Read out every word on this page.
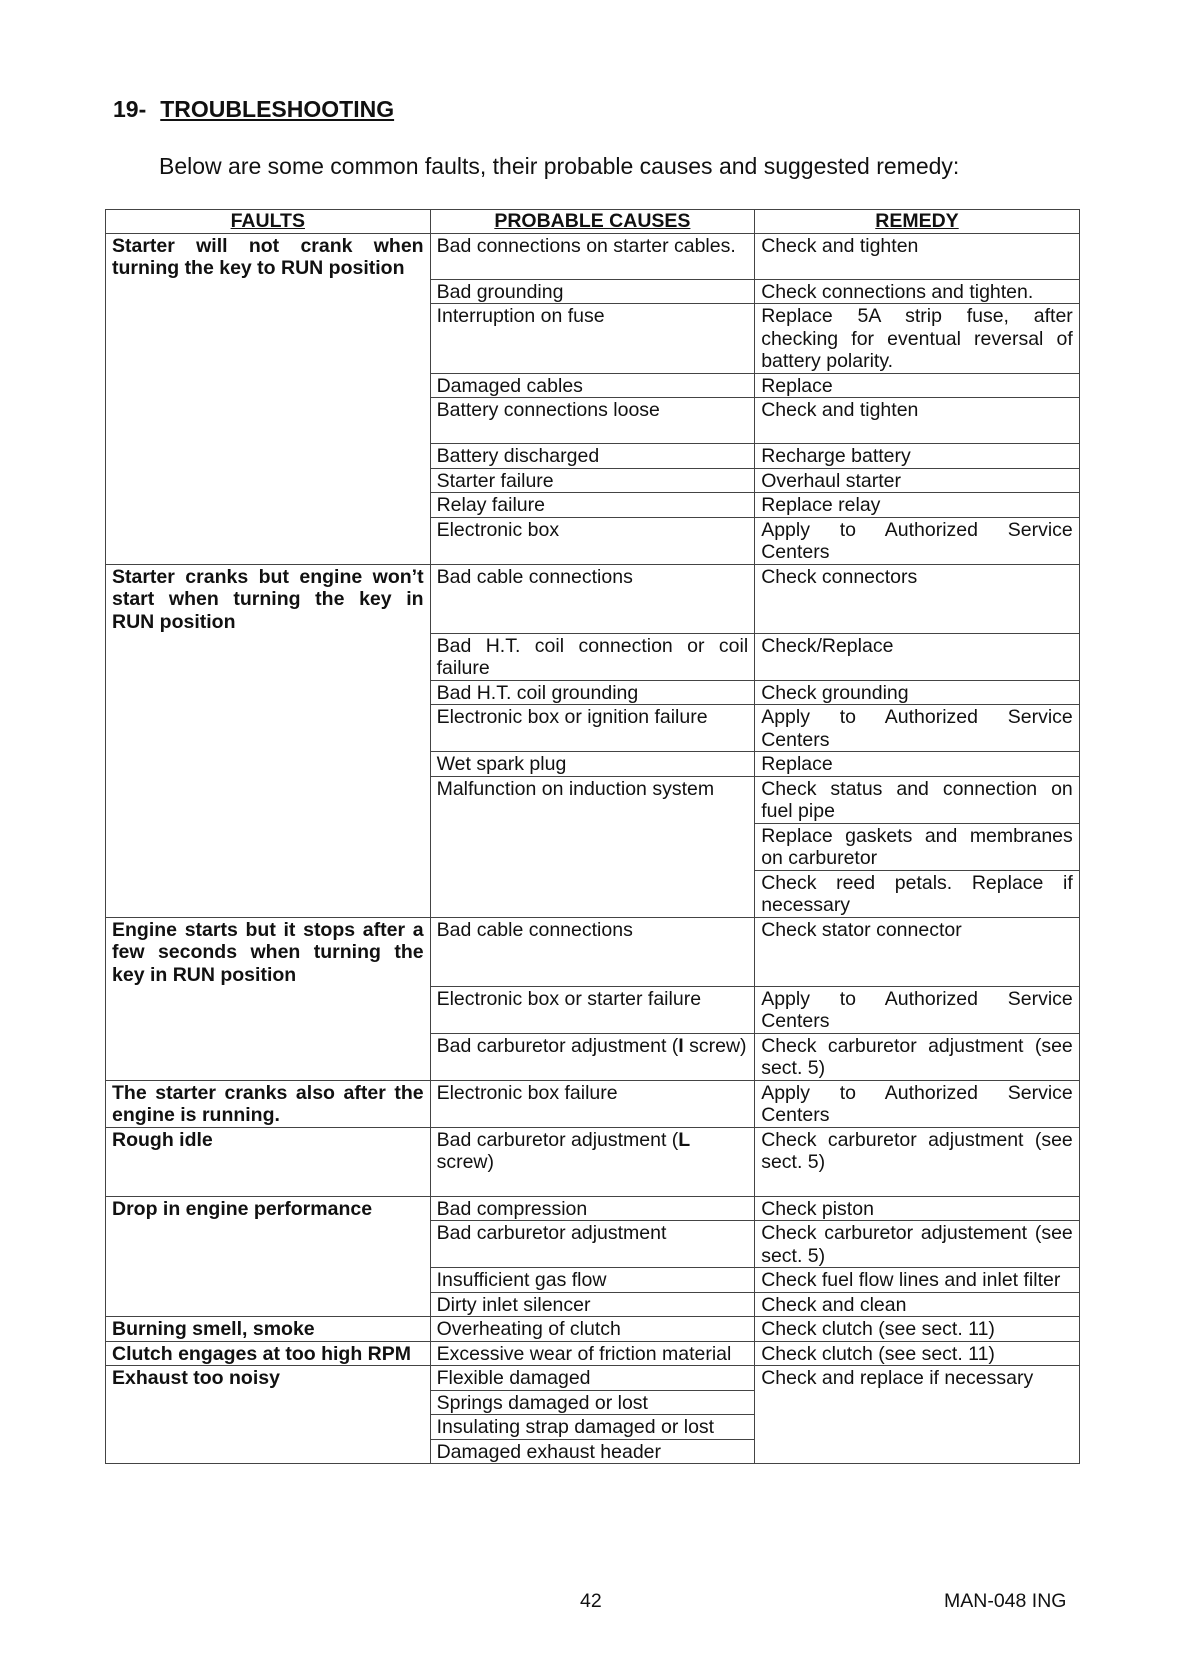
19- TROUBLESHOOTING
Below are some common faults, their probable causes and suggested remedy:
FAULTS	PROBABLE CAUSES	REMEDY
Starter will not crank when turning the key to RUN position	Bad connections on starter cables.	Check and tighten
	Bad grounding	Check connections and tighten.
	Interruption on fuse	Replace 5A strip fuse, after checking for eventual reversal of battery polarity.
	Damaged cables	Replace
	Battery connections loose	Check and tighten
	Battery discharged	Recharge battery
	Starter failure	Overhaul starter
	Relay failure	Replace relay
	Electronic box	Apply to Authorized Service Centers
Starter cranks but engine won’t start when turning the key in RUN position	Bad cable connections	Check connectors
	Bad H.T. coil connection or coil failure	Check/Replace
	Bad H.T. coil grounding	Check grounding
	Electronic box or ignition failure	Apply to Authorized Service Centers
	Wet spark plug	Replace
	Malfunction on induction system	Check status and connection on fuel pipe
		Replace gaskets and membranes on carburetor
		Check reed petals. Replace if necessary
Engine starts but it stops after a few seconds when turning the key in RUN position	Bad cable connections	Check stator connector
	Electronic box or starter failure	Apply to Authorized Service Centers
	Bad carburetor adjustment (I screw)	Check carburetor adjustment (see sect. 5)
The starter cranks also after the engine is running.	Electronic box failure	Apply to Authorized Service Centers
Rough idle	Bad carburetor adjustment (L screw)	Check carburetor adjustment (see sect. 5)
Drop in engine performance	Bad compression	Check piston
	Bad carburetor adjustment	Check carburetor adjustement (see sect. 5)
	Insufficient gas flow	Check fuel flow lines and inlet filter
	Dirty inlet silencer	Check and clean
Burning smell, smoke	Overheating of clutch	Check clutch (see sect. 11)
Clutch engages at too high RPM	Excessive wear of friction material	Check clutch (see sect. 11)
Exhaust too noisy	Flexible damaged	Check and replace if necessary
	Springs damaged or lost	
	Insulating strap damaged or lost	
	Damaged exhaust header	
42	MAN-048 ING
